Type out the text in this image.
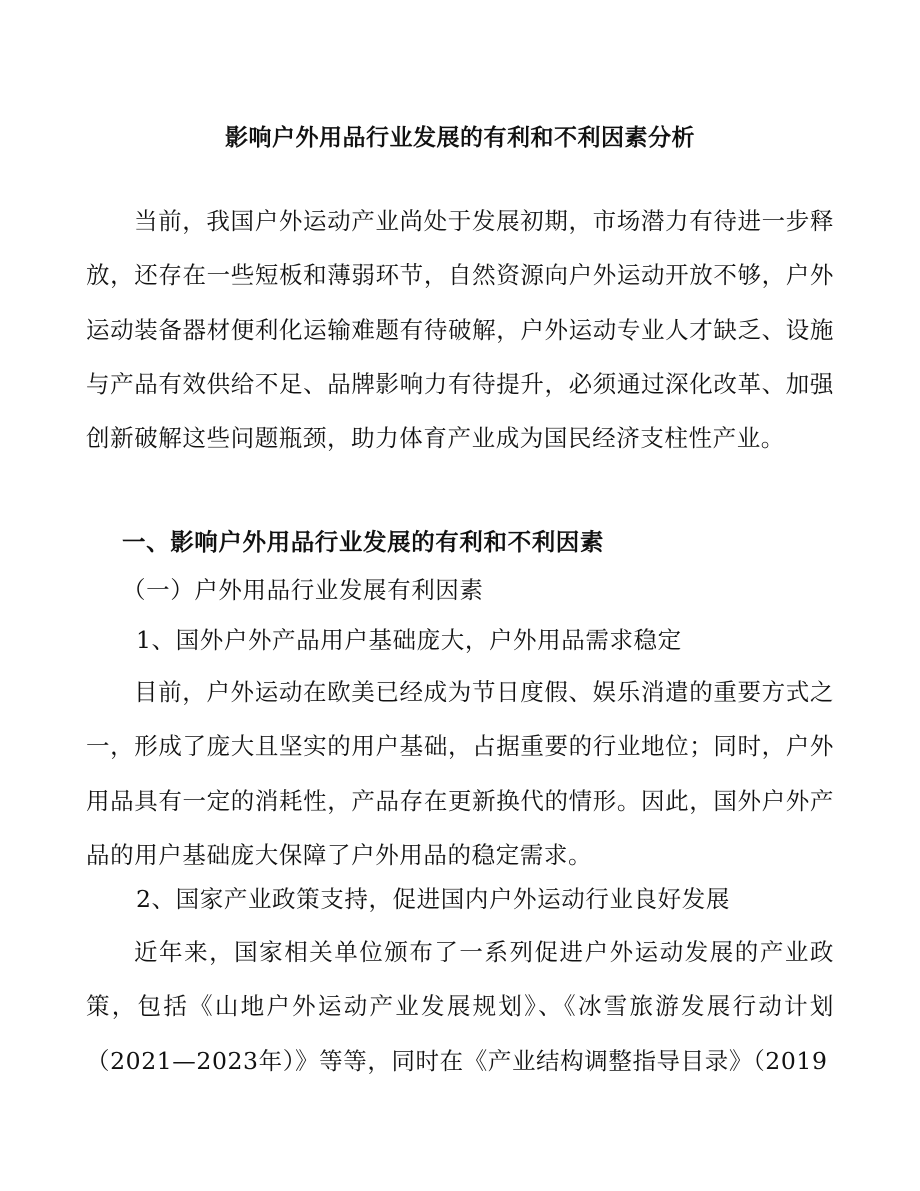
影响户外用品行业发展的有利和不利因素分析

当前，我国户外运动产业尚处于发展初期，市场潜力有待进一步释放，还存在一些短板和薄弱环节，自然资源向户外运动开放不够，户外运动装备器材便利化运输难题有待破解，户外运动专业人才缺乏、设施与产品有效供给不足、品牌影响力有待提升，必须通过深化改革、加强创新破解这些问题瓶颈，助力体育产业成为国民经济支柱性产业。

一、影响户外用品行业发展的有利和不利因素
（一）户外用品行业发展有利因素
1、国外户外产品用户基础庞大，户外用品需求稳定

目前，户外运动在欧美已经成为节日度假、娱乐消遣的重要方式之一，形成了庞大且坚实的用户基础，占据重要的行业地位；同时，户外用品具有一定的消耗性，产品存在更新换代的情形。因此，国外户外产品的用户基础庞大保障了户外用品的稳定需求。

2、国家产业政策支持，促进国内户外运动行业良好发展

近年来，国家相关单位颁布了一系列促进户外运动发展的产业政策，包括《山地户外运动产业发展规划》、《冰雪旅游发展行动计划（2021—2023年）》等等，同时在《产业结构调整指导目录》（2019
